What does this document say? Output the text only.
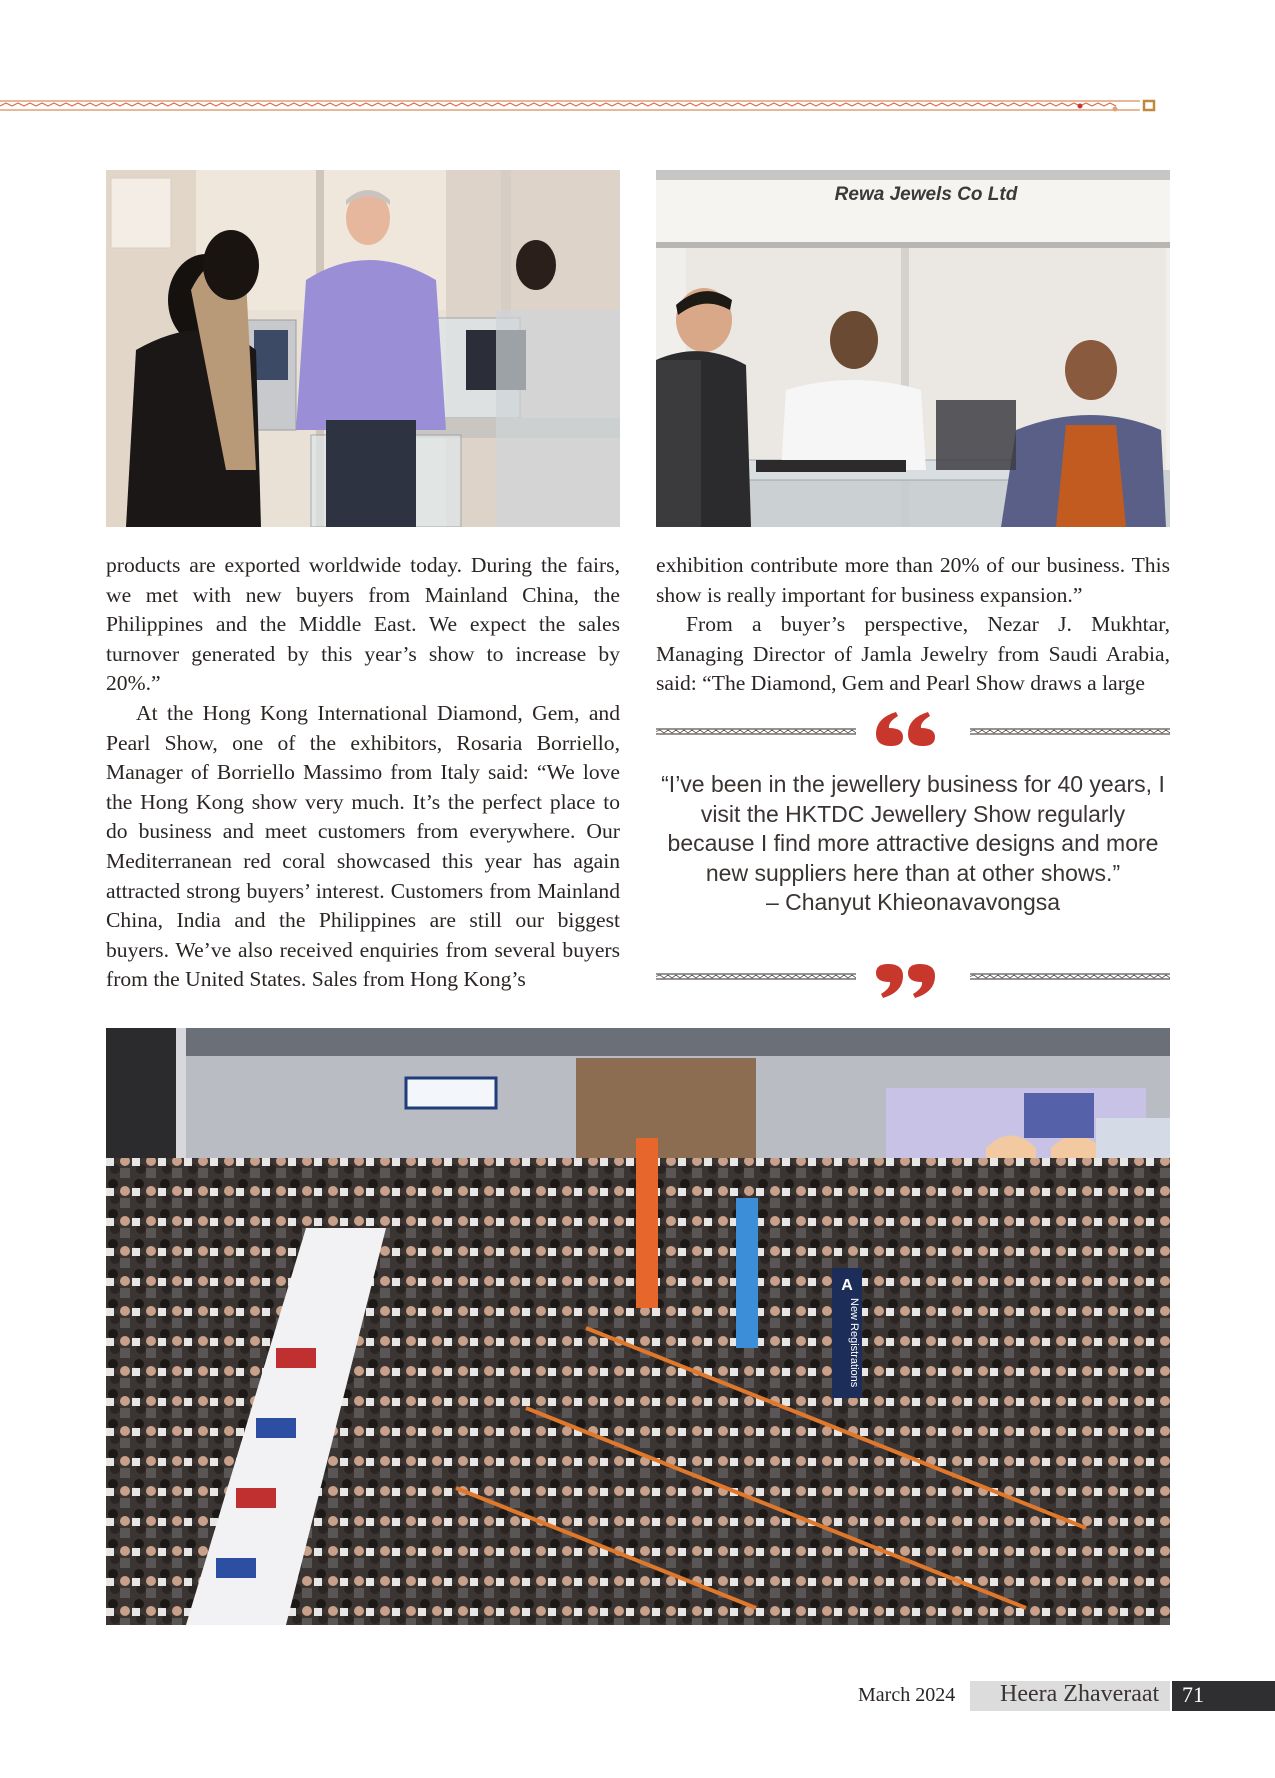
Rewa Jewels Co Ltd

products are exported worldwide today. During the fairs, we met with new buyers from Mainland China, the Philippines and the Middle East. We expect the sales turnover generated by this year’s show to increase by 20%.”

At the Hong Kong International Diamond, Gem, and Pearl Show, one of the exhibitors, Rosaria Borriello, Manager of Borriello Massimo from Italy said: “We love the Hong Kong show very much. It’s the perfect place to do business and meet customers from everywhere. Our Mediterranean red coral showcased this year has again attracted strong buyers’ interest. Customers from Mainland China, India and the Philippines are still our biggest buyers. We’ve also received enquiries from several buyers from the United States. Sales from Hong Kong’s

exhibition contribute more than 20% of our business. This show is really important for business expansion.”

From a buyer’s perspective, Nezar J. Mukhtar, Managing Director of Jamla Jewelry from Saudi Arabia, said: “The Diamond, Gem and Pearl Show draws a large

“I’ve been in the jewellery business for 40 years, I visit the HKTDC Jewellery Show regularly because I find more attractive designs and more new suppliers here than at other shows.”
– Chanyut Khieonavavongsa
A
New Registrations
March 2024 Heera Zhaveraat 71
